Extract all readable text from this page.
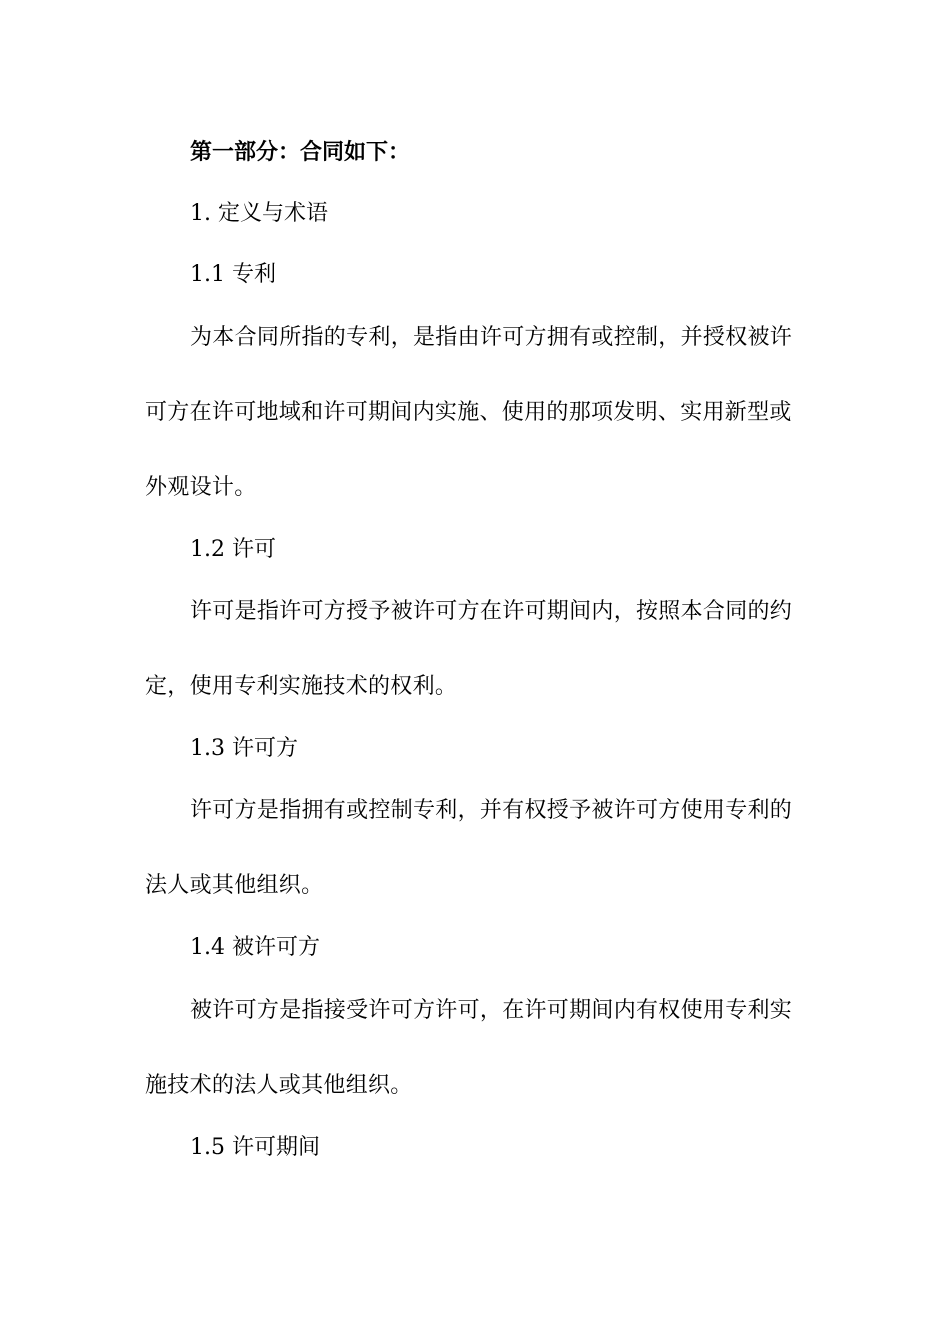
第一部分：合同如下：
1. 定义与术语
1.1 专利
为本合同所指的专利，是指由许可方拥有或控制，并授权被许
可方在许可地域和许可期间内实施、使用的那项发明、实用新型或
外观设计。
1.2 许可
许可是指许可方授予被许可方在许可期间内，按照本合同的约
定，使用专利实施技术的权利。
1.3 许可方
许可方是指拥有或控制专利，并有权授予被许可方使用专利的
法人或其他组织。
1.4 被许可方
被许可方是指接受许可方许可，在许可期间内有权使用专利实
施技术的法人或其他组织。
1.5 许可期间
